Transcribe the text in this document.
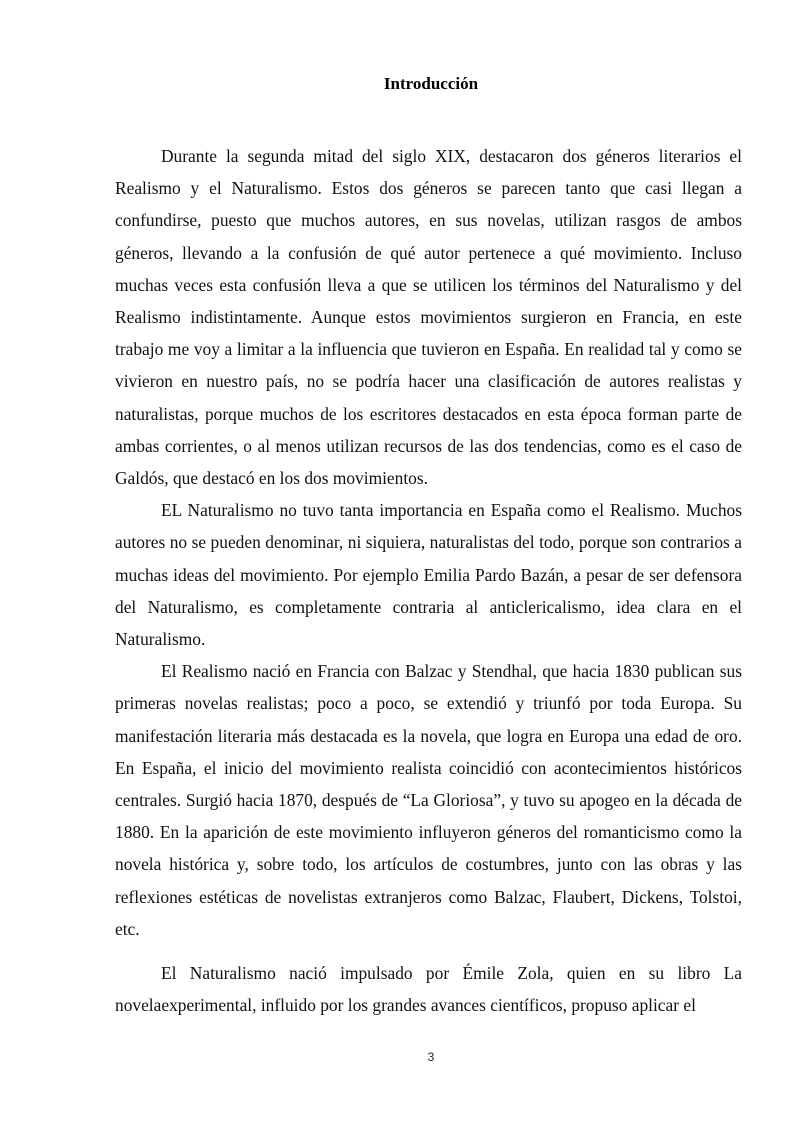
Introducción

Durante la segunda mitad del siglo XIX, destacaron dos géneros literarios el Realismo y el Naturalismo. Estos dos géneros se parecen tanto que casi llegan a confundirse, puesto que muchos autores, en sus novelas, utilizan rasgos de ambos géneros, llevando a la confusión de qué autor pertenece a qué movimiento. Incluso muchas veces esta confusión lleva a que se utilicen los términos del Naturalismo y del Realismo indistintamente. Aunque estos movimientos surgieron en Francia, en este trabajo me voy a limitar a la influencia que tuvieron en España. En realidad tal y como se vivieron en nuestro país, no se podría hacer una clasificación de autores realistas y naturalistas, porque muchos de los escritores destacados en esta época forman parte de ambas corrientes, o al menos utilizan recursos de las dos tendencias, como es el caso de Galdós, que destacó en los dos movimientos.

EL Naturalismo no tuvo tanta importancia en España como el Realismo. Muchos autores no se pueden denominar, ni siquiera, naturalistas del todo, porque son contrarios a muchas ideas del movimiento. Por ejemplo Emilia Pardo Bazán, a pesar de ser defensora del Naturalismo, es completamente contraria al anticlericalismo, idea clara en el Naturalismo.

El Realismo nació en Francia con Balzac y Stendhal, que hacia 1830 publican sus primeras novelas realistas; poco a poco, se extendió y triunfó por toda Europa. Su manifestación literaria más destacada es la novela, que logra en Europa una edad de oro. En España, el inicio del movimiento realista coincidió con acontecimientos históricos centrales. Surgió hacia 1870, después de “La Gloriosa”, y tuvo su apogeo en la década de 1880. En la aparición de este movimiento influyeron géneros del romanticismo como la novela histórica y, sobre todo, los artículos de costumbres, junto con las obras y las reflexiones estéticas de novelistas extranjeros como Balzac, Flaubert, Dickens, Tolstoi, etc.

El Naturalismo nació impulsado por Émile Zola, quien en su libro La novelaexperimental, influido por los grandes avances científicos, propuso aplicar el

3
